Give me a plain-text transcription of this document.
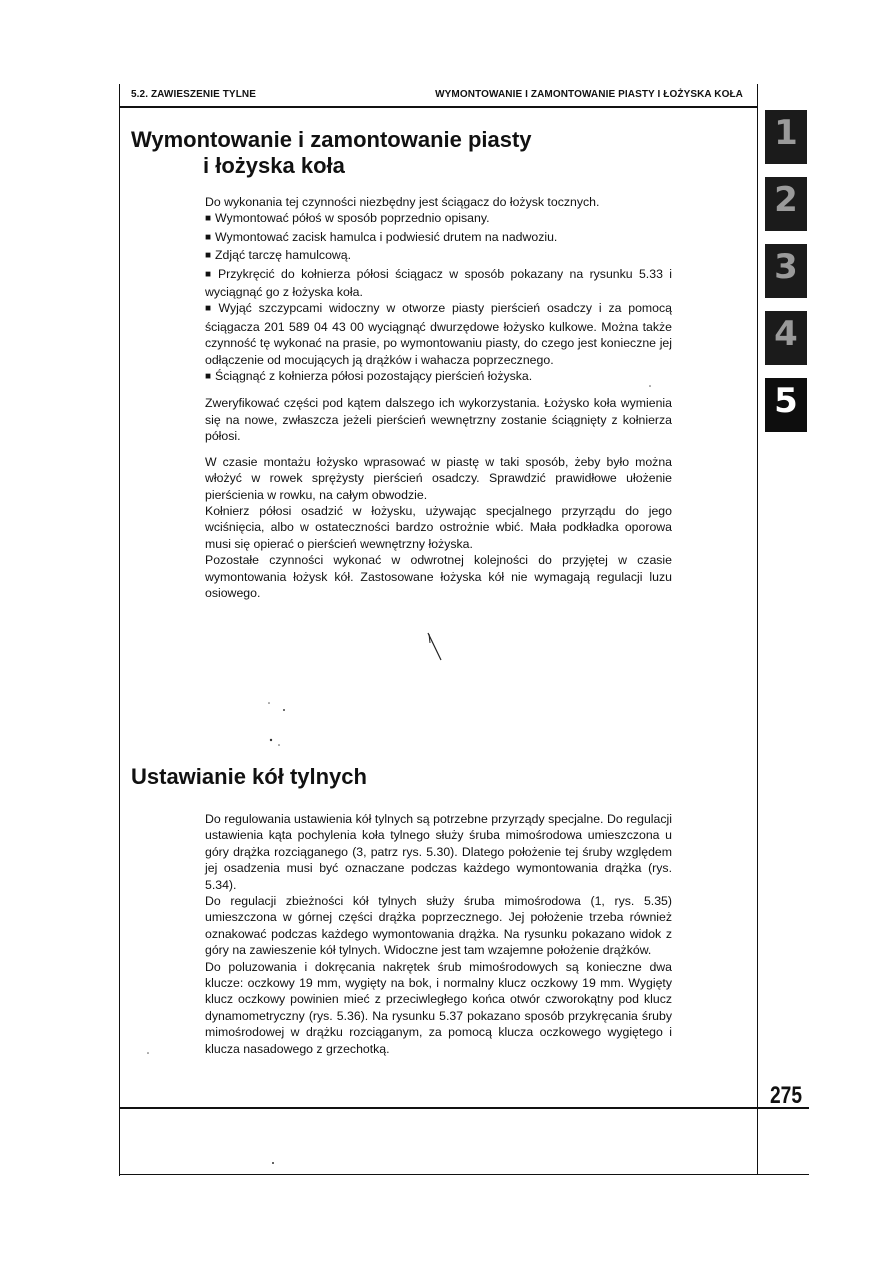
5.2. ZAWIESZENIE TYLNE	WYMONTOWANIE I ZAMONTOWANIE PIASTY I ŁOŻYSKA KOŁA
Wymontowanie i zamontowanie piasty
i łożyska koła

Do wykonania tej czynności niezbędny jest ściągacz do łożysk tocznych.

■ Wymontować półoś w sposób poprzednio opisany.

■ Wymontować zacisk hamulca i podwiesić drutem na nadwoziu.

■ Zdjąć tarczę hamulcową.

■ Przykręcić do kołnierza półosi ściągacz w sposób pokazany na rysunku 5.33 i wyciągnąć go z łożyska koła.

■ Wyjąć szczypcami widoczny w otworze piasty pierścień osadczy i za pomocą ściągacza 201 589 04 43 00 wyciągnąć dwurzędowe łożysko kulkowe. Można także czynność tę wykonać na prasie, po wymontowaniu piasty, do czego jest konieczne jej odłączenie od mocujących ją drążków i wahacza poprzecznego.

■ Ściągnąć z kołnierza półosi pozostający pierścień łożyska.

Zweryfikować części pod kątem dalszego ich wykorzystania. Łożysko koła wymienia się na nowe, zwłaszcza jeżeli pierścień wewnętrzny zostanie ściągnięty z kołnierza półosi.

W czasie montażu łożysko wprasować w piastę w taki sposób, żeby było można włożyć w rowek sprężysty pierścień osadczy. Sprawdzić prawidłowe ułożenie pierścienia w rowku, na całym obwodzie.

Kołnierz półosi osadzić w łożysku, używając specjalnego przyrządu do jego wciśnięcia, albo w ostateczności bardzo ostrożnie wbić. Mała podkładka oporowa musi się opierać o pierścień wewnętrzny łożyska.

Pozostałe czynności wykonać w odwrotnej kolejności do przyjętej w czasie wymontowania łożysk kół. Zastosowane łożyska kół nie wymagają regulacji luzu osiowego.

Ustawianie kół tylnych

Do regulowania ustawienia kół tylnych są potrzebne przyrządy specjalne. Do regulacji ustawienia kąta pochylenia koła tylnego służy śruba mimośrodowa umieszczona u góry drążka rozciąganego (3, patrz rys. 5.30). Dlatego położenie tej śruby względem jej osadzenia musi być oznaczane podczas każdego wymontowania drążka (rys. 5.34).

Do regulacji zbieżności kół tylnych służy śruba mimośrodowa (1, rys. 5.35) umieszczona w górnej części drążka poprzecznego. Jej położenie trzeba również oznakować podczas każdego wymontowania drążka. Na rysunku pokazano widok z góry na zawieszenie kół tylnych. Widoczne jest tam wzajemne położenie drążków.

Do poluzowania i dokręcania nakrętek śrub mimośrodowych są konieczne dwa klucze: oczkowy 19 mm, wygięty na bok, i normalny klucz oczkowy 19 mm. Wygięty klucz oczkowy powinien mieć z przeciwległego końca otwór czworokątny pod klucz dynamometryczny (rys. 5.36). Na rysunku 5.37 pokazano sposób przykręcania śruby mimośrodowej w drążku rozciąganym, za pomocą klucza oczkowego wygiętego i klucza nasadowego z grzechotką.

1
2
3
4
5
275
